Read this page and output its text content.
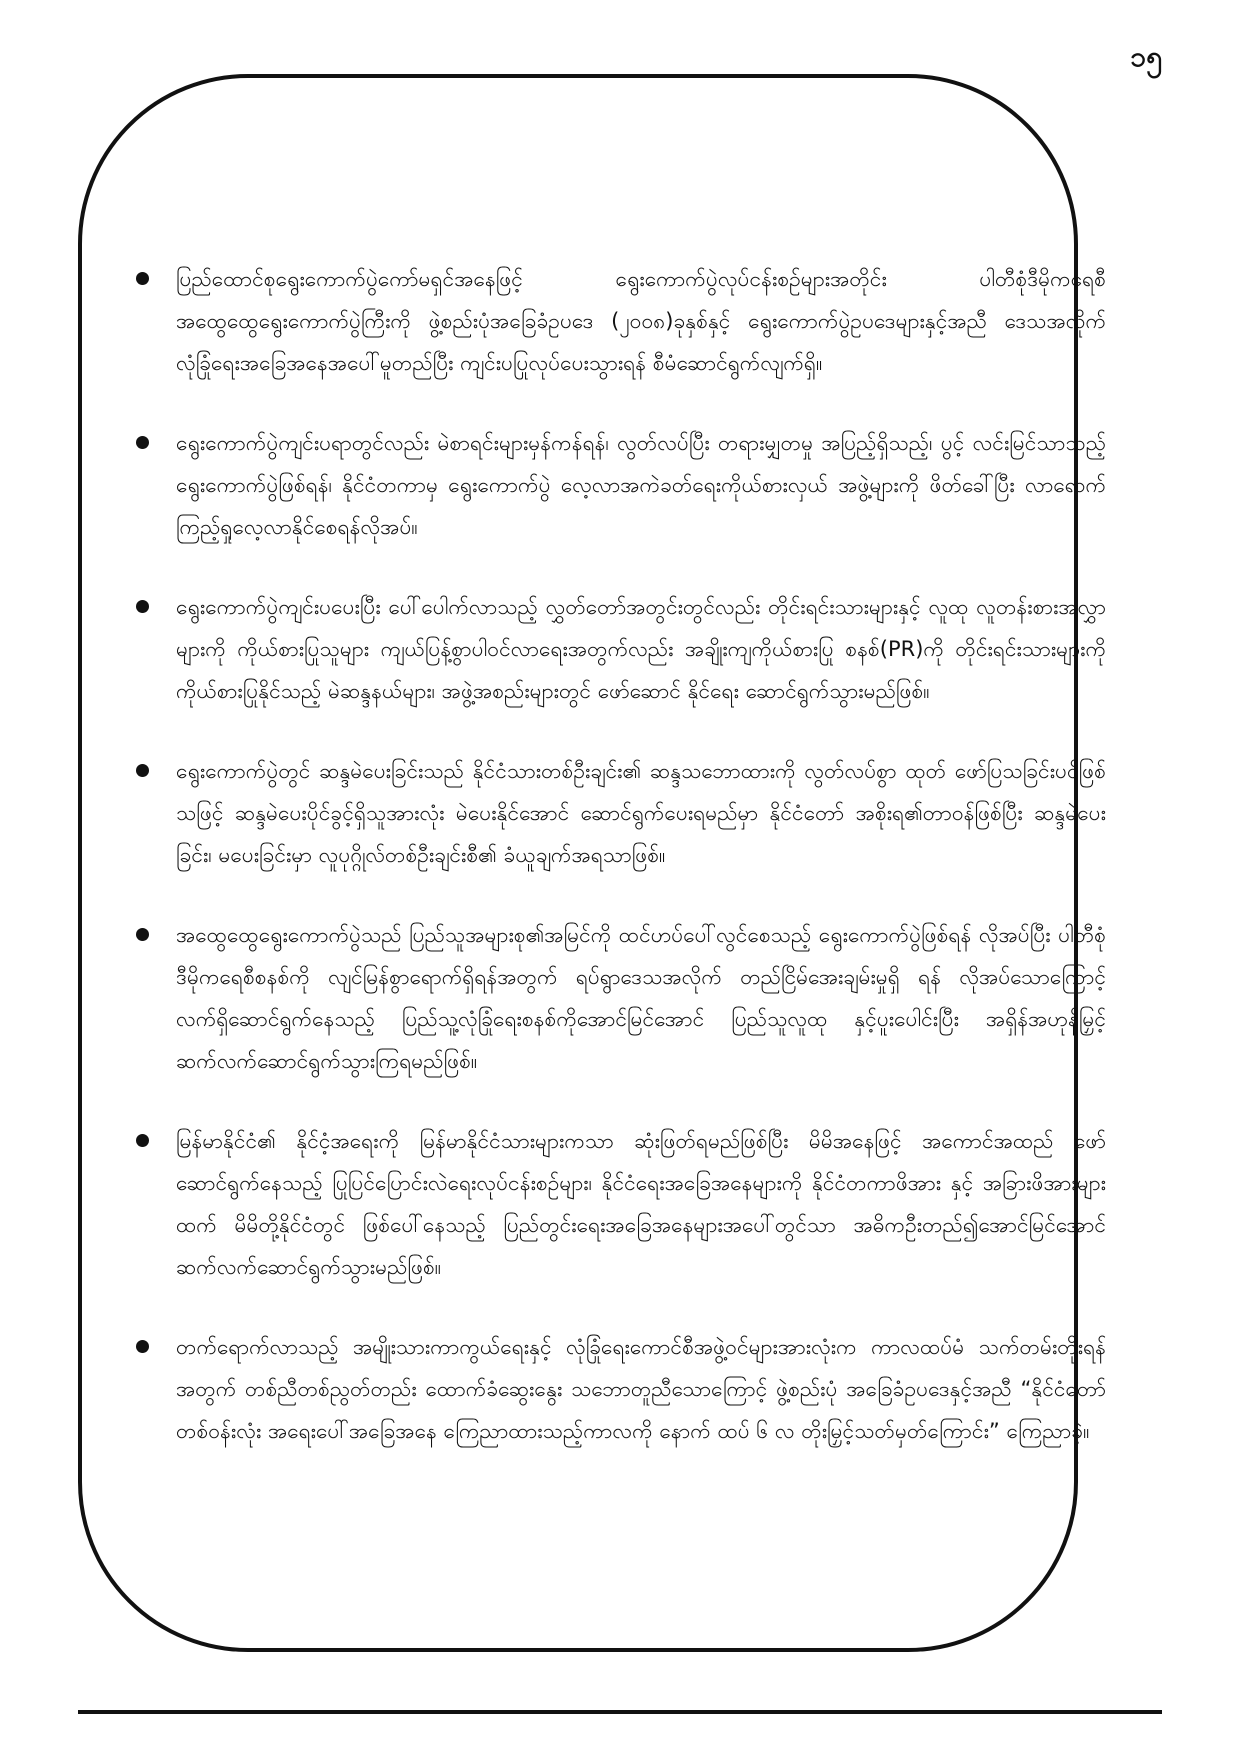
၁၅
ပြည်ထောင်စုရွေးကောက်ပွဲကော်မရှင်အနေဖြင့် ရွေးကောက်ပွဲလုပ်ငန်းစဉ်များအတိုင်း ပါတီစုံဒီမိုကရေစီ အထွေထွေရွေးကောက်ပွဲကြီးကို ဖွဲ့စည်းပုံအခြေခံဥပဒေ (၂၀၀၈)ခုနှစ်နှင့် ရွေးကောက်ပွဲဥပဒေများနှင့်အညီ ဒေသအလိုက် လုံခြုံရေးအခြေအနေအပေါ်မူတည်ပြီး ကျင်းပပြုလုပ်ပေးသွားရန် စီမံဆောင်ရွက်လျက်ရှိ။
ရွေးကောက်ပွဲကျင်းပရာတွင်လည်း မဲစာရင်းများမှန်ကန်ရန်၊ လွတ်လပ်ပြီး တရားမျှတမှု အပြည့်ရှိသည့်၊ ပွင့် လင်းမြင်သာသည့် ရွေးကောက်ပွဲဖြစ်ရန်၊ နိုင်ငံတကာမှ ရွေးကောက်ပွဲ လေ့လာအကဲခတ်ရေးကိုယ်စားလှယ် အဖွဲ့များကို ဖိတ်ခေါ်ပြီး လာရောက်ကြည့်ရှုလေ့လာနိုင်စေရန်လိုအပ်။
ရွေးကောက်ပွဲကျင်းပပေးပြီး ပေါ်ပေါက်လာသည့် လွှတ်တော်အတွင်းတွင်လည်း တိုင်းရင်းသားများနှင့် လူထု လူတန်းစားအလွှာများကို ကိုယ်စားပြုသူများ ကျယ်ပြန့်စွာပါဝင်လာရေးအတွက်လည်း အချိုးကျကိုယ်စားပြု စနစ်(PR)ကို တိုင်းရင်းသားများကို ကိုယ်စားပြုနိုင်သည့် မဲဆန္ဒနယ်များ၊ အဖွဲ့အစည်းများတွင် ဖော်ဆောင် နိုင်ရေး ဆောင်ရွက်သွားမည်ဖြစ်။
ရွေးကောက်ပွဲတွင် ဆန္ဒမဲပေးခြင်းသည် နိုင်ငံသားတစ်ဦးချင်း၏ ဆန္ဒသဘောထားကို လွတ်လပ်စွာ ထုတ် ဖော်ပြသခြင်းပင်ဖြစ်သဖြင့် ဆန္ဒမဲပေးပိုင်ခွင့်ရှိသူအားလုံး မဲပေးနိုင်အောင် ဆောင်ရွက်ပေးရမည်မှာ နိုင်ငံတော် အစိုးရ၏တာဝန်ဖြစ်ပြီး ဆန္ဒမဲပေးခြင်း၊ မပေးခြင်းမှာ လူပုဂ္ဂိုလ်တစ်ဦးချင်းစီ၏ ခံယူချက်အရသာဖြစ်။
အထွေထွေရွေးကောက်ပွဲသည် ပြည်သူအများစု၏အမြင်ကို ထင်ဟပ်ပေါ်လွင်စေသည့် ရွေးကောက်ပွဲဖြစ်ရန် လိုအပ်ပြီး ပါတီစုံဒီမိုကရေစီစနစ်ကို လျင်မြန်စွာရောက်ရှိရန်အတွက် ရပ်ရွာဒေသအလိုက် တည်ငြိမ်အေးချမ်းမှုရှိ ရန် လိုအပ်သောကြောင့် လက်ရှိဆောင်ရွက်နေသည့် ပြည်သူ့လုံခြုံရေးစနစ်ကိုအောင်မြင်အောင် ပြည်သူလူထု နှင့်ပူးပေါင်းပြီး အရှိန်အဟုန်မြှင့် ဆက်လက်ဆောင်ရွက်သွားကြရမည်ဖြစ်။
မြန်မာနိုင်ငံ၏ နိုင်ငံ့အရေးကို မြန်မာနိုင်ငံသားများကသာ ဆုံးဖြတ်ရမည်ဖြစ်ပြီး မိမိအနေဖြင့် အကောင်အထည် ဖော်ဆောင်ရွက်နေသည့် ပြုပြင်ပြောင်းလဲရေးလုပ်ငန်းစဉ်များ၊ နိုင်ငံရေးအခြေအနေများကို နိုင်ငံတကာဖိအား နှင့် အခြားဖိအားများထက် မိမိတို့နိုင်ငံတွင် ဖြစ်ပေါ်နေသည့် ပြည်တွင်းရေးအခြေအနေများအပေါ်တွင်သာ အဓိကဦးတည်၍အောင်မြင်အောင် ဆက်လက်ဆောင်ရွက်သွားမည်ဖြစ်။
တက်ရောက်လာသည့် အမျိုးသားကာကွယ်ရေးနှင့် လုံခြုံရေးကောင်စီအဖွဲ့ဝင်များအားလုံးက ကာလထပ်မံ သက်တမ်းတိုးရန်အတွက် တစ်ညီတစ်ညွတ်တည်း ထောက်ခံဆွေးနွေး သဘောတူညီသောကြောင့် ဖွဲ့စည်းပုံ အခြေခံဥပဒေနှင့်အညီ “နိုင်ငံတော်တစ်ဝန်းလုံး အရေးပေါ်အခြေအနေ ကြေညာထားသည့်ကာလကို နောက် ထပ် ၆ လ တိုးမြှင့်သတ်မှတ်ကြောင်း” ကြေညာခဲ့။
